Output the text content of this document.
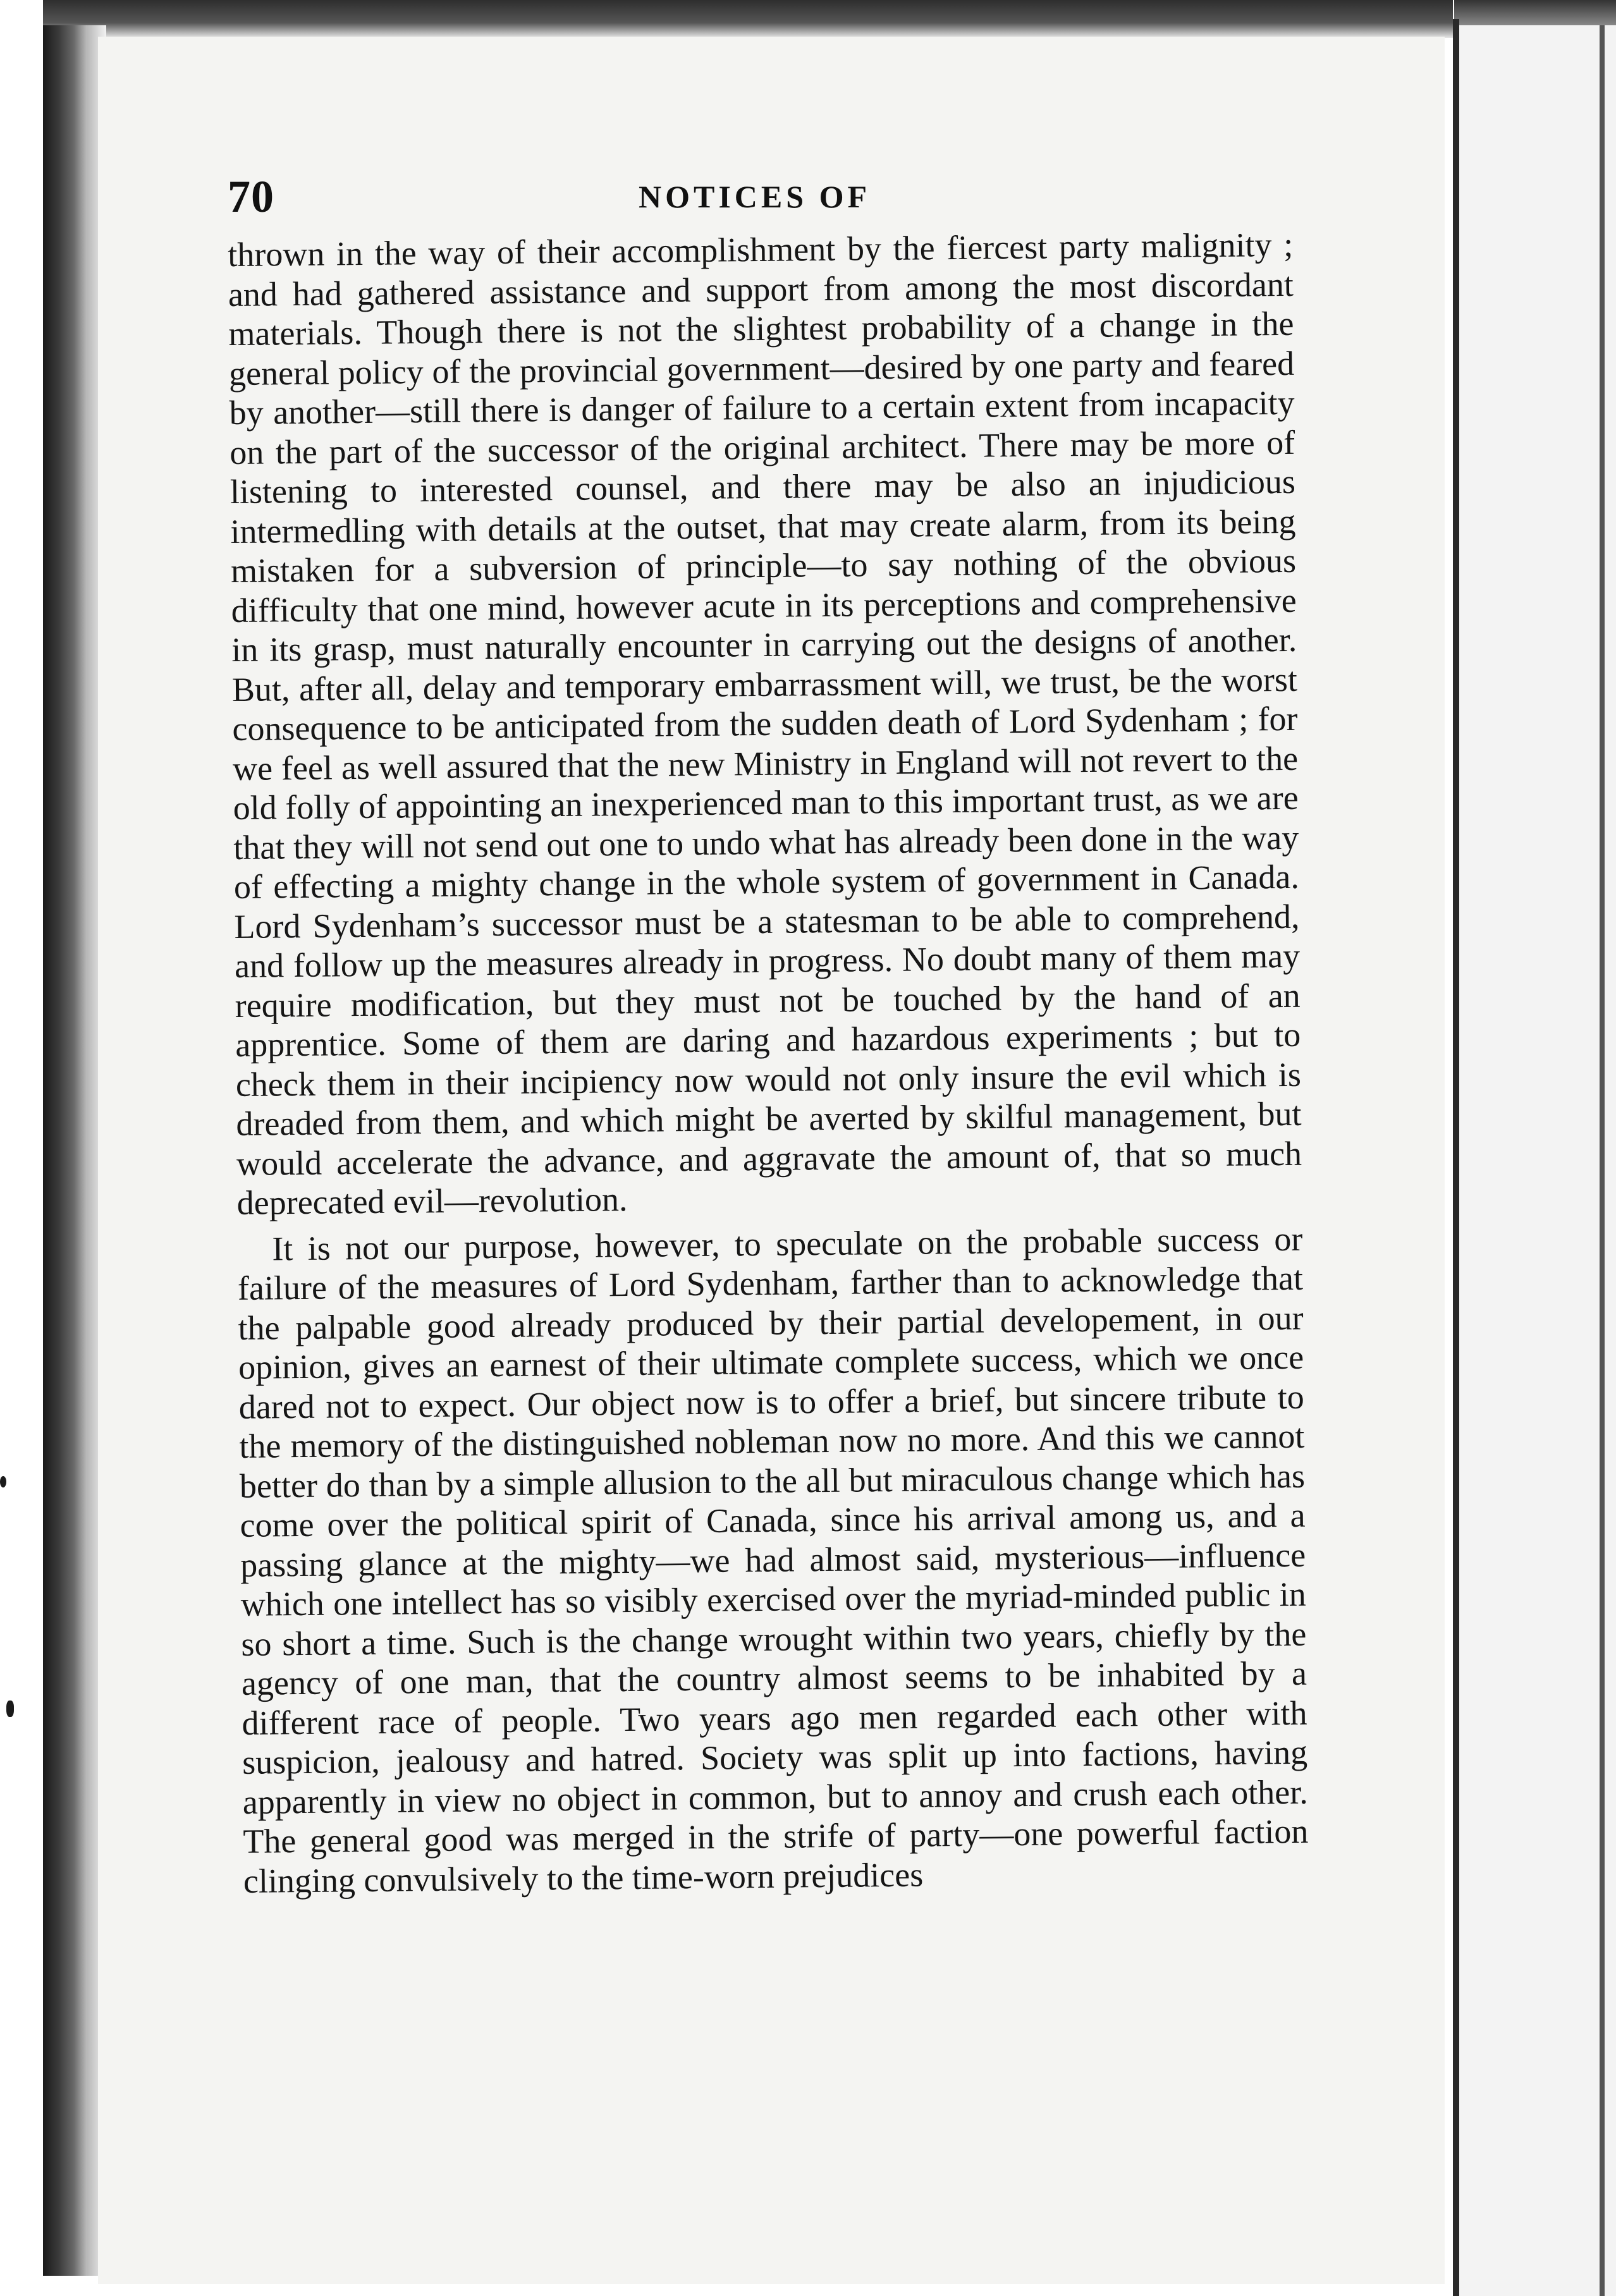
70	NOTICES OF

thrown in the way of their accomplishment by the fiercest party malignity ; and had gathered assistance and support from among the most discordant materials. Though there is not the slightest probability of a change in the general policy of the provincial government—desired by one party and feared by another—still there is danger of failure to a certain extent from incapacity on the part of the successor of the original architect. There may be more of listening to interested counsel, and there may be also an injudicious intermedling with details at the outset, that may create alarm, from its being mistaken for a subversion of principle—to say nothing of the obvious difficulty that one mind, however acute in its perceptions and comprehensive in its grasp, must naturally encounter in carrying out the designs of another. But, after all, delay and temporary embarrassment will, we trust, be the worst consequence to be anticipated from the sudden death of Lord Sydenham ; for we feel as well assured that the new Ministry in England will not revert to the old folly of appointing an inexperienced man to this important trust, as we are that they will not send out one to undo what has already been done in the way of effecting a mighty change in the whole system of government in Canada. Lord Sydenham’s successor must be a statesman to be able to comprehend, and follow up the measures already in progress. No doubt many of them may require modification, but they must not be touched by the hand of an apprentice. Some of them are daring and hazardous experiments ; but to check them in their incipiency now would not only insure the evil which is dreaded from them, and which might be averted by skilful management, but would accelerate the advance, and aggravate the amount of, that so much deprecated evil—revolution.

It is not our purpose, however, to speculate on the probable success or failure of the measures of Lord Sydenham, farther than to acknowledge that the palpable good already produced by their partial developement, in our opinion, gives an earnest of their ultimate complete success, which we once dared not to expect. Our object now is to offer a brief, but sincere tribute to the memory of the distinguished nobleman now no more. And this we cannot better do than by a simple allusion to the all but miraculous change which has come over the political spirit of Canada, since his arrival among us, and a passing glance at the mighty—we had almost said, mysterious—influence which one intellect has so visibly exercised over the myriad-minded public in so short a time. Such is the change wrought within two years, chiefly by the agency of one man, that the country almost seems to be inhabited by a different race of people. Two years ago men regarded each other with suspicion, jealousy and hatred. Society was split up into factions, having apparently in view no object in common, but to annoy and crush each other. The general good was merged in the strife of party—one powerful faction clinging convulsively to the time-worn prejudices
